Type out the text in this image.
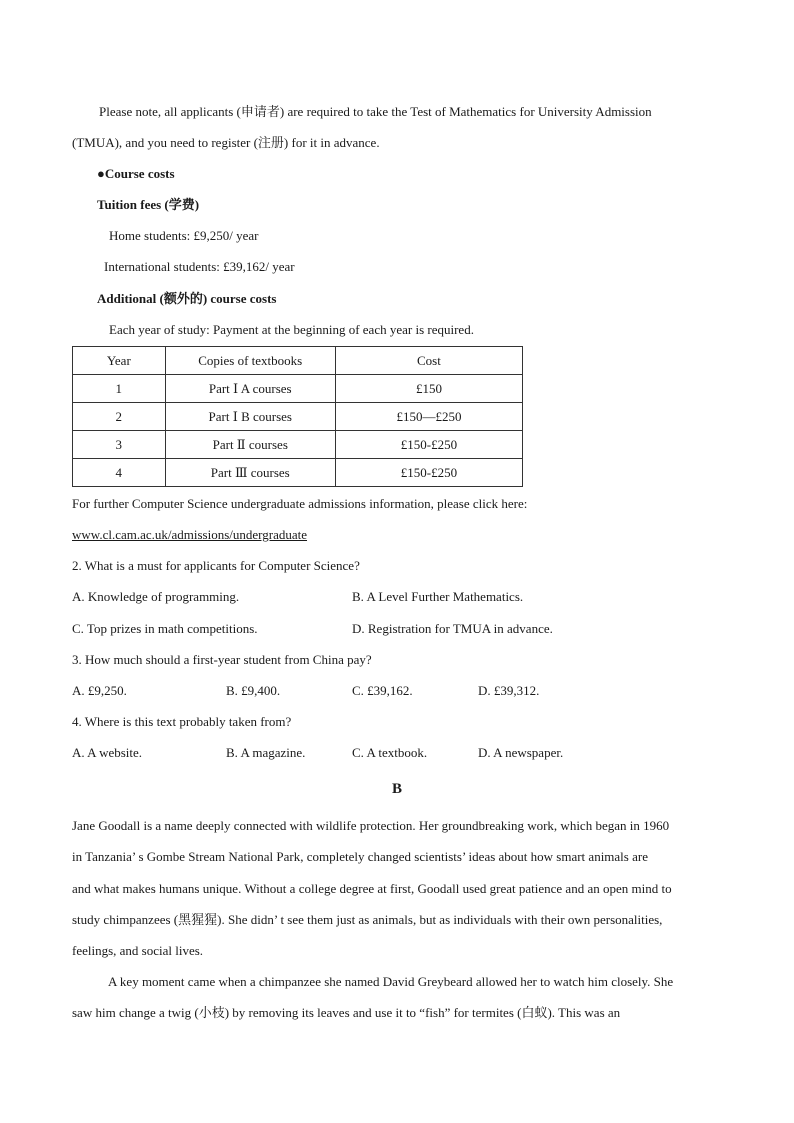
Please note, all applicants (申请者) are required to take the Test of Mathematics for University Admission
(TMUA), and you need to register (注册) for it in advance.
●Course costs
Tuition fees (学费)
Home students: £9,250/ year
International students: £39,162/ year
Additional (额外的) course costs
Each year of study: Payment at the beginning of each year is required.
Year	Copies of textbooks	Cost
1	Part Ⅰ A courses	£150
2	Part Ⅰ B courses	£150—£250
3	Part Ⅱ courses	£150-£250
4	Part Ⅲ courses	£150-£250
For further Computer Science undergraduate admissions information, please click here:
www.cl.cam.ac.uk/admissions/undergraduate
2. What is a must for applicants for Computer Science?
A. Knowledge of programming.	B. A Level Further Mathematics.
C. Top prizes in math competitions.	D. Registration for TMUA in advance.
3. How much should a first-year student from China pay?
A. £9,250.	B. £9,400.	C. £39,162.	D. £39,312.
4. Where is this text probably taken from?
A. A website.	B. A magazine.	C. A textbook.	D. A newspaper.
B
Jane Goodall is a name deeply connected with wildlife protection. Her groundbreaking work, which began in 1960
in Tanzania’ s Gombe Stream National Park, completely changed scientists’ ideas about how smart animals are
and what makes humans unique. Without a college degree at first, Goodall used great patience and an open mind to
study chimpanzees (黑猩猩). She didn’ t see them just as animals, but as individuals with their own personalities,
feelings, and social lives.
A key moment came when a chimpanzee she named David Greybeard allowed her to watch him closely. She
saw him change a twig (小枝) by removing its leaves and use it to “fish” for termites (白蚁). This was an
